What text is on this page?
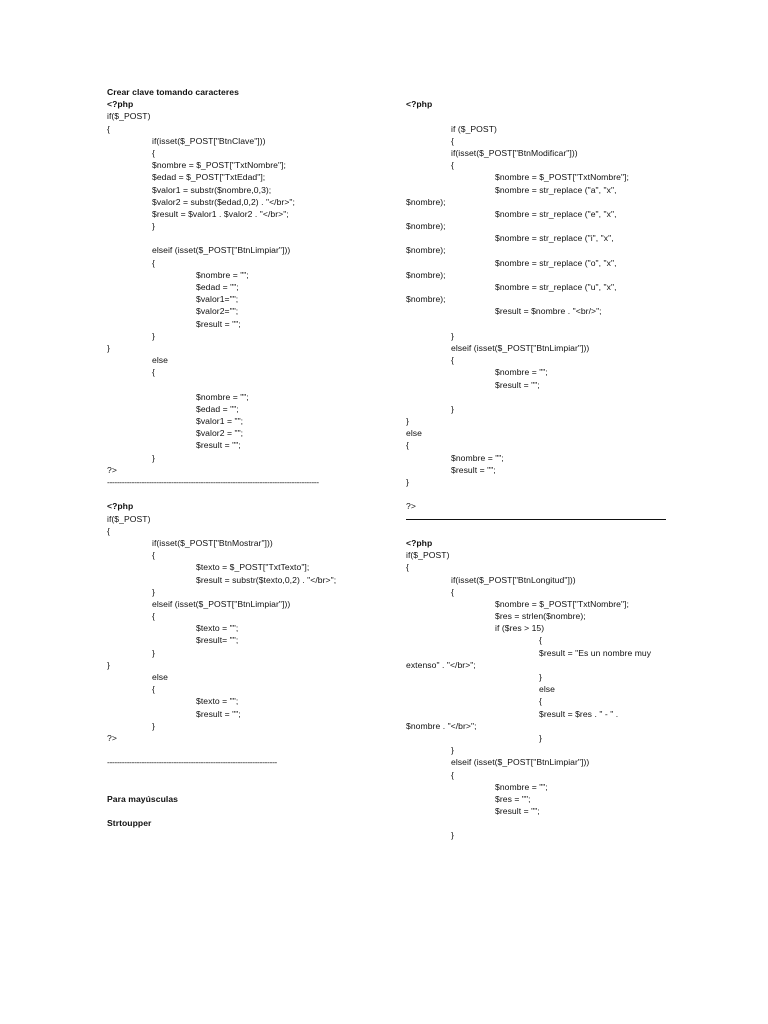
Crear clave tomando caracteres
<?php
if($_POST)
{
if(isset($_POST["BtnClave"]))
{
$nombre = $_POST["TxtNombre"];
$edad = $_POST["TxtEdad"];
$valor1 = substr($nombre,0,3);
$valor2 = substr($edad,0,2) . "</br>";
$result = $valor1 . $valor2 . "</br>";
}
elseif (isset($_POST["BtnLimpiar"]))
{
$nombre = "";
$edad = "";
$valor1="";
$valor2="";
$result = "";
}
}
else
{
$nombre = "";
$edad = "";
$valor1 = "";
$valor2 = "";
$result = "";
}
?>
--------------------------------------------------------------------------------------
<?php
if($_POST)
{
if(isset($_POST["BtnMostrar"]))
{
$texto = $_POST["TxtTexto"];
$result = substr($texto,0,2) . "</br>";
}
elseif (isset($_POST["BtnLimpiar"]))
{
$texto = "";
$result= "";
}
}
else
{
$texto = "";
$result = "";
}
?>
---------------------------------------------------------------------
Para mayúsculas
Strtoupper
<?php
if ($_POST)
{
if(isset($_POST["BtnModificar"]))
{
$nombre = $_POST["TxtNombre"];
$nombre = str_replace ("a", "x",
$nombre);
$nombre = str_replace ("e", "x",
$nombre);
$nombre = str_replace ("i", "x",
$nombre);
$nombre = str_replace ("o", "x",
$nombre);
$nombre = str_replace ("u", "x",
$nombre);
$result = $nombre . "<br/>";
}
elseif (isset($_POST["BtnLimpiar"]))
{
$nombre = "";
$result = "";
}
}
else
{
$nombre = "";
$result = "";
}
?>
<?php
if($_POST)
{
if(isset($_POST["BtnLongitud"]))
{
$nombre = $_POST["TxtNombre"];
$res = strlen($nombre);
if ($res > 15)
{
$result = "Es un nombre muy
extenso" . "</br>";
}
else
{
$result = $res . " - " .
$nombre . "</br>";
}
}
elseif (isset($_POST["BtnLimpiar"]))
{
$nombre = "";
$res = "";
$result = "";
}
